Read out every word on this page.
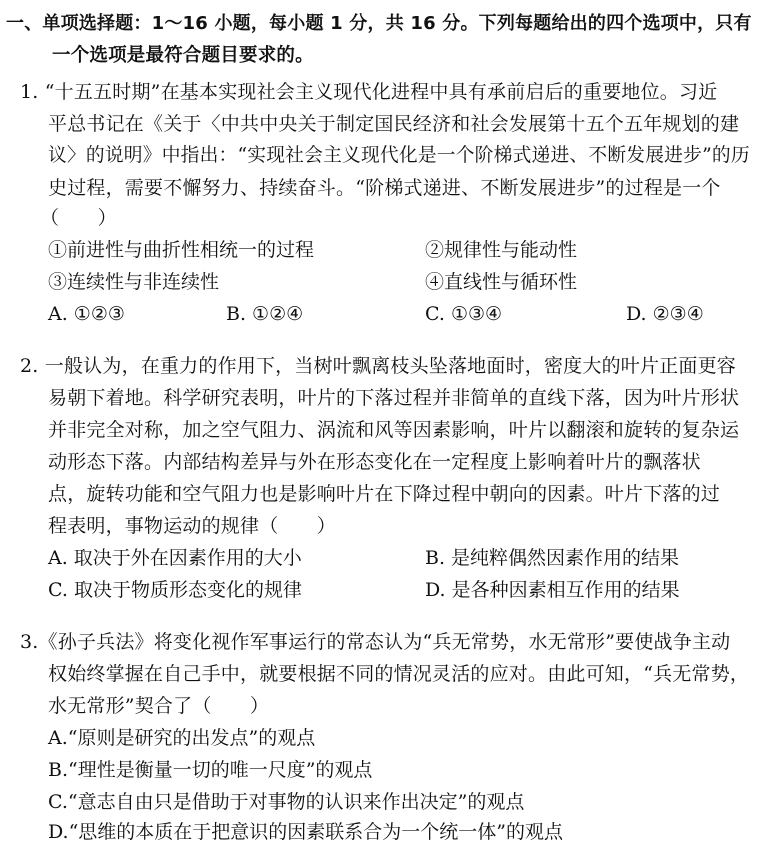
一、单项选择题：1～16 小题，每小题 1 分，共 16 分。下列每题给出的四个选项中，只有
一个选项是最符合题目要求的。
1. “十五五时期”在基本实现社会主义现代化进程中具有承前启后的重要地位。习近
平总书记在《关于〈中共中央关于制定国民经济和社会发展第十五个五年规划的建
议〉的说明》中指出：“实现社会主义现代化是一个阶梯式递进、不断发展进步”的历
史过程，需要不懈努力、持续奋斗。“阶梯式递进、不断发展进步”的过程是一个
（　　）
①前进性与曲折性相统一的过程	②规律性与能动性
③连续性与非连续性	④直线性与循环性
A. ①②③	B. ①②④	C. ①③④	D. ②③④
2. 一般认为，在重力的作用下，当树叶飘离枝头坠落地面时，密度大的叶片正面更容
易朝下着地。科学研究表明，叶片的下落过程并非简单的直线下落，因为叶片形状
并非完全对称，加之空气阻力、涡流和风等因素影响，叶片以翻滚和旋转的复杂运
动形态下落。内部结构差异与外在形态变化在一定程度上影响着叶片的飘落状
点，旋转功能和空气阻力也是影响叶片在下降过程中朝向的因素。叶片下落的过
程表明，事物运动的规律（　　）
A. 取决于外在因素作用的大小	B. 是纯粹偶然因素作用的结果
C. 取决于物质形态变化的规律	D. 是各种因素相互作用的结果
3.《孙子兵法》将变化视作军事运行的常态认为“兵无常势，水无常形”要使战争主动
权始终掌握在自己手中，就要根据不同的情况灵活的应对。由此可知，“兵无常势，
水无常形”契合了（　　）
A.“原则是研究的出发点”的观点
B.“理性是衡量一切的唯一尺度”的观点
C.“意志自由只是借助于对事物的认识来作出决定”的观点
D.“思维的本质在于把意识的因素联系合为一个统一体”的观点
